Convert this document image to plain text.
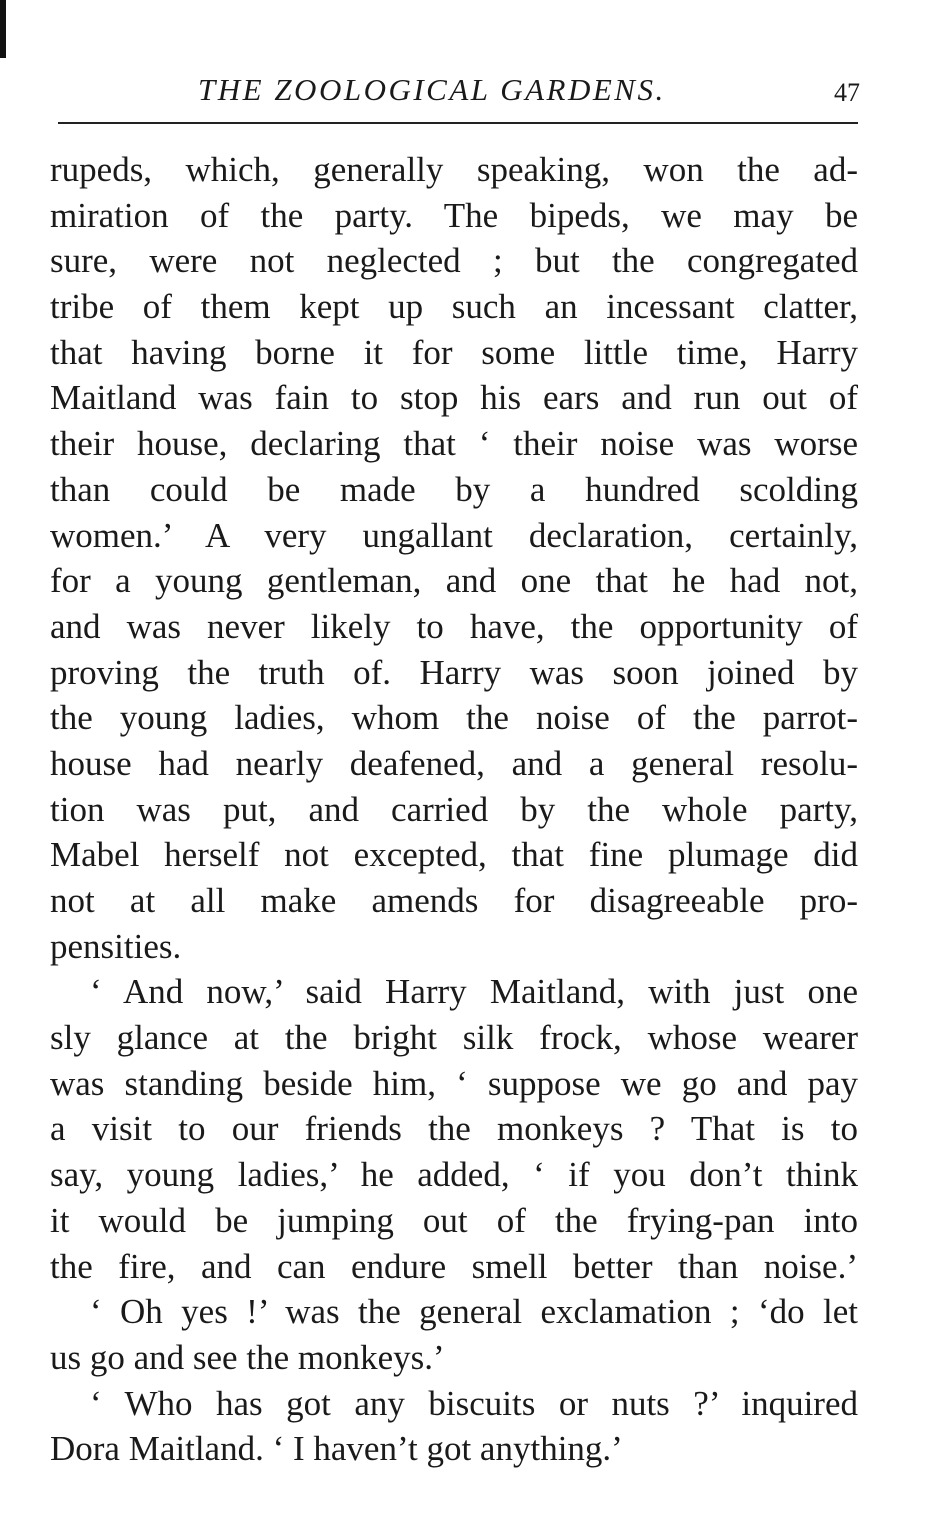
THE ZOOLOGICAL GARDENS.	47
rupeds, which, generally speaking, won the ad-
miration of the party. The bipeds, we may be
sure, were not neglected ; but the congregated
tribe of them kept up such an incessant clatter,
that having borne it for some little time, Harry
Maitland was fain to stop his ears and run out of
their house, declaring that ‘ their noise was worse
than could be made by a hundred scolding
women.’ A very ungallant declaration, certainly,
for a young gentleman, and one that he had not,
and was never likely to have, the opportunity of
proving the truth of. Harry was soon joined by
the young ladies, whom the noise of the parrot-
house had nearly deafened, and a general resolu-
tion was put, and carried by the whole party,
Mabel herself not excepted, that fine plumage did
not at all make amends for disagreeable pro-
pensities.
‘ And now,’ said Harry Maitland, with just one
sly glance at the bright silk frock, whose wearer
was standing beside him, ‘ suppose we go and pay
a visit to our friends the monkeys ? That is to
say, young ladies,’ he added, ‘ if you don’t think
it would be jumping out of the frying-pan into
the fire, and can endure smell better than noise.’
‘ Oh yes !’ was the general exclamation ; ‘do let
us go and see the monkeys.’
‘ Who has got any biscuits or nuts ?’ inquired
Dora Maitland. ‘ I haven’t got anything.’
